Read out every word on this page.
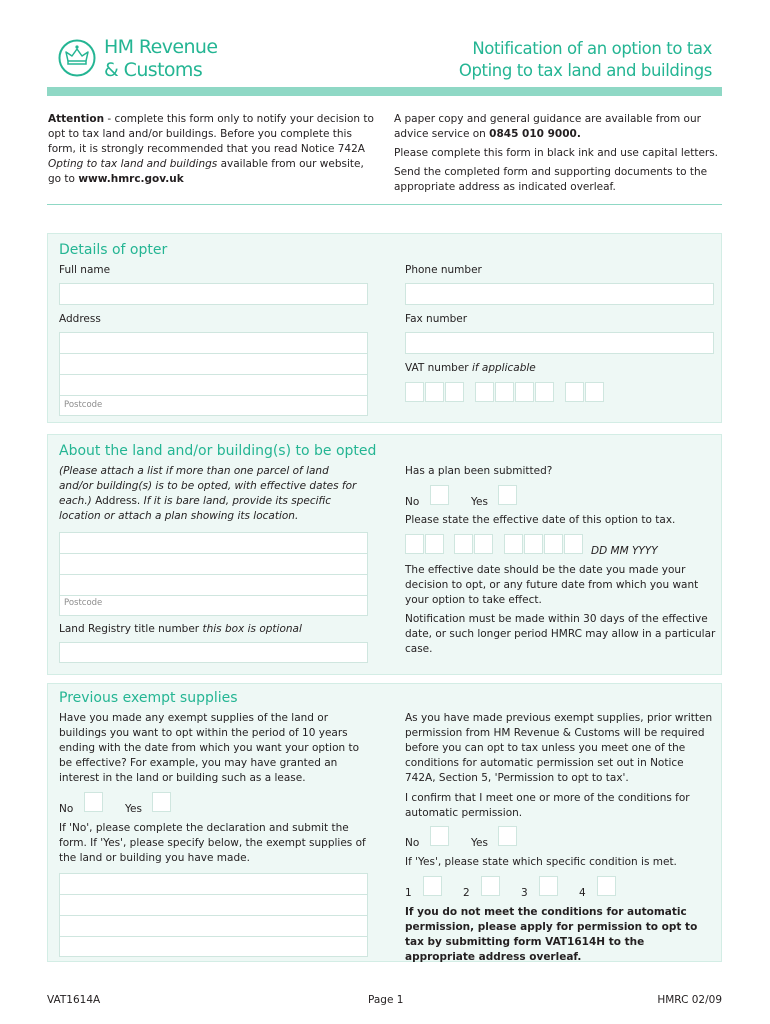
HM Revenue
& Customs
Notification of an option to tax
Opting to tax land and buildings
Attention - complete this form only to notify your decision to opt to tax land and/or buildings. Before you complete this form, it is strongly recommended that you read Notice 742A Opting to tax land and buildings available from our website, go to www.hmrc.gov.uk

A paper copy and general guidance are available from our advice service on 0845 010 9000.

Please complete this form in black ink and use capital letters.

Send the completed form and supporting documents to the appropriate address as indicated overleaf.

Details of opter
Full name
Address
Postcode
Phone number
Fax number
VAT number if applicable
About the land and/or building(s) to be opted
(Please attach a list if more than one parcel of land and/or building(s) is to be opted, with effective dates for each.) Address. If it is bare land, provide its specific location or attach a plan showing its location.
Postcode
Land Registry title number this box is optional
Has a plan been submitted?
No	Yes
Please state the effective date of this option to tax.
DD MM YYYY
The effective date should be the date you made your decision to opt, or any future date from which you want your option to take effect.
Notification must be made within 30 days of the effective date, or such longer period HMRC may allow in a particular case.
Previous exempt supplies
Have you made any exempt supplies of the land or buildings you want to opt within the period of 10 years ending with the date from which you want your option to be effective? For example, you may have granted an interest in the land or building such as a lease.
No	Yes
If 'No', please complete the declaration and submit the form. If 'Yes', please specify below, the exempt supplies of the land or building you have made.
As you have made previous exempt supplies, prior written permission from HM Revenue & Customs will be required before you can opt to tax unless you meet one of the conditions for automatic permission set out in Notice 742A, Section 5, 'Permission to opt to tax'.
I confirm that I meet one or more of the conditions for automatic permission.
No	Yes
If 'Yes', please state which specific condition is met.
1	2	3	4
If you do not meet the conditions for automatic permission, please apply for permission to opt to tax by submitting form VAT1614H to the appropriate address overleaf.
VAT1614A	Page 1	HMRC 02/09
